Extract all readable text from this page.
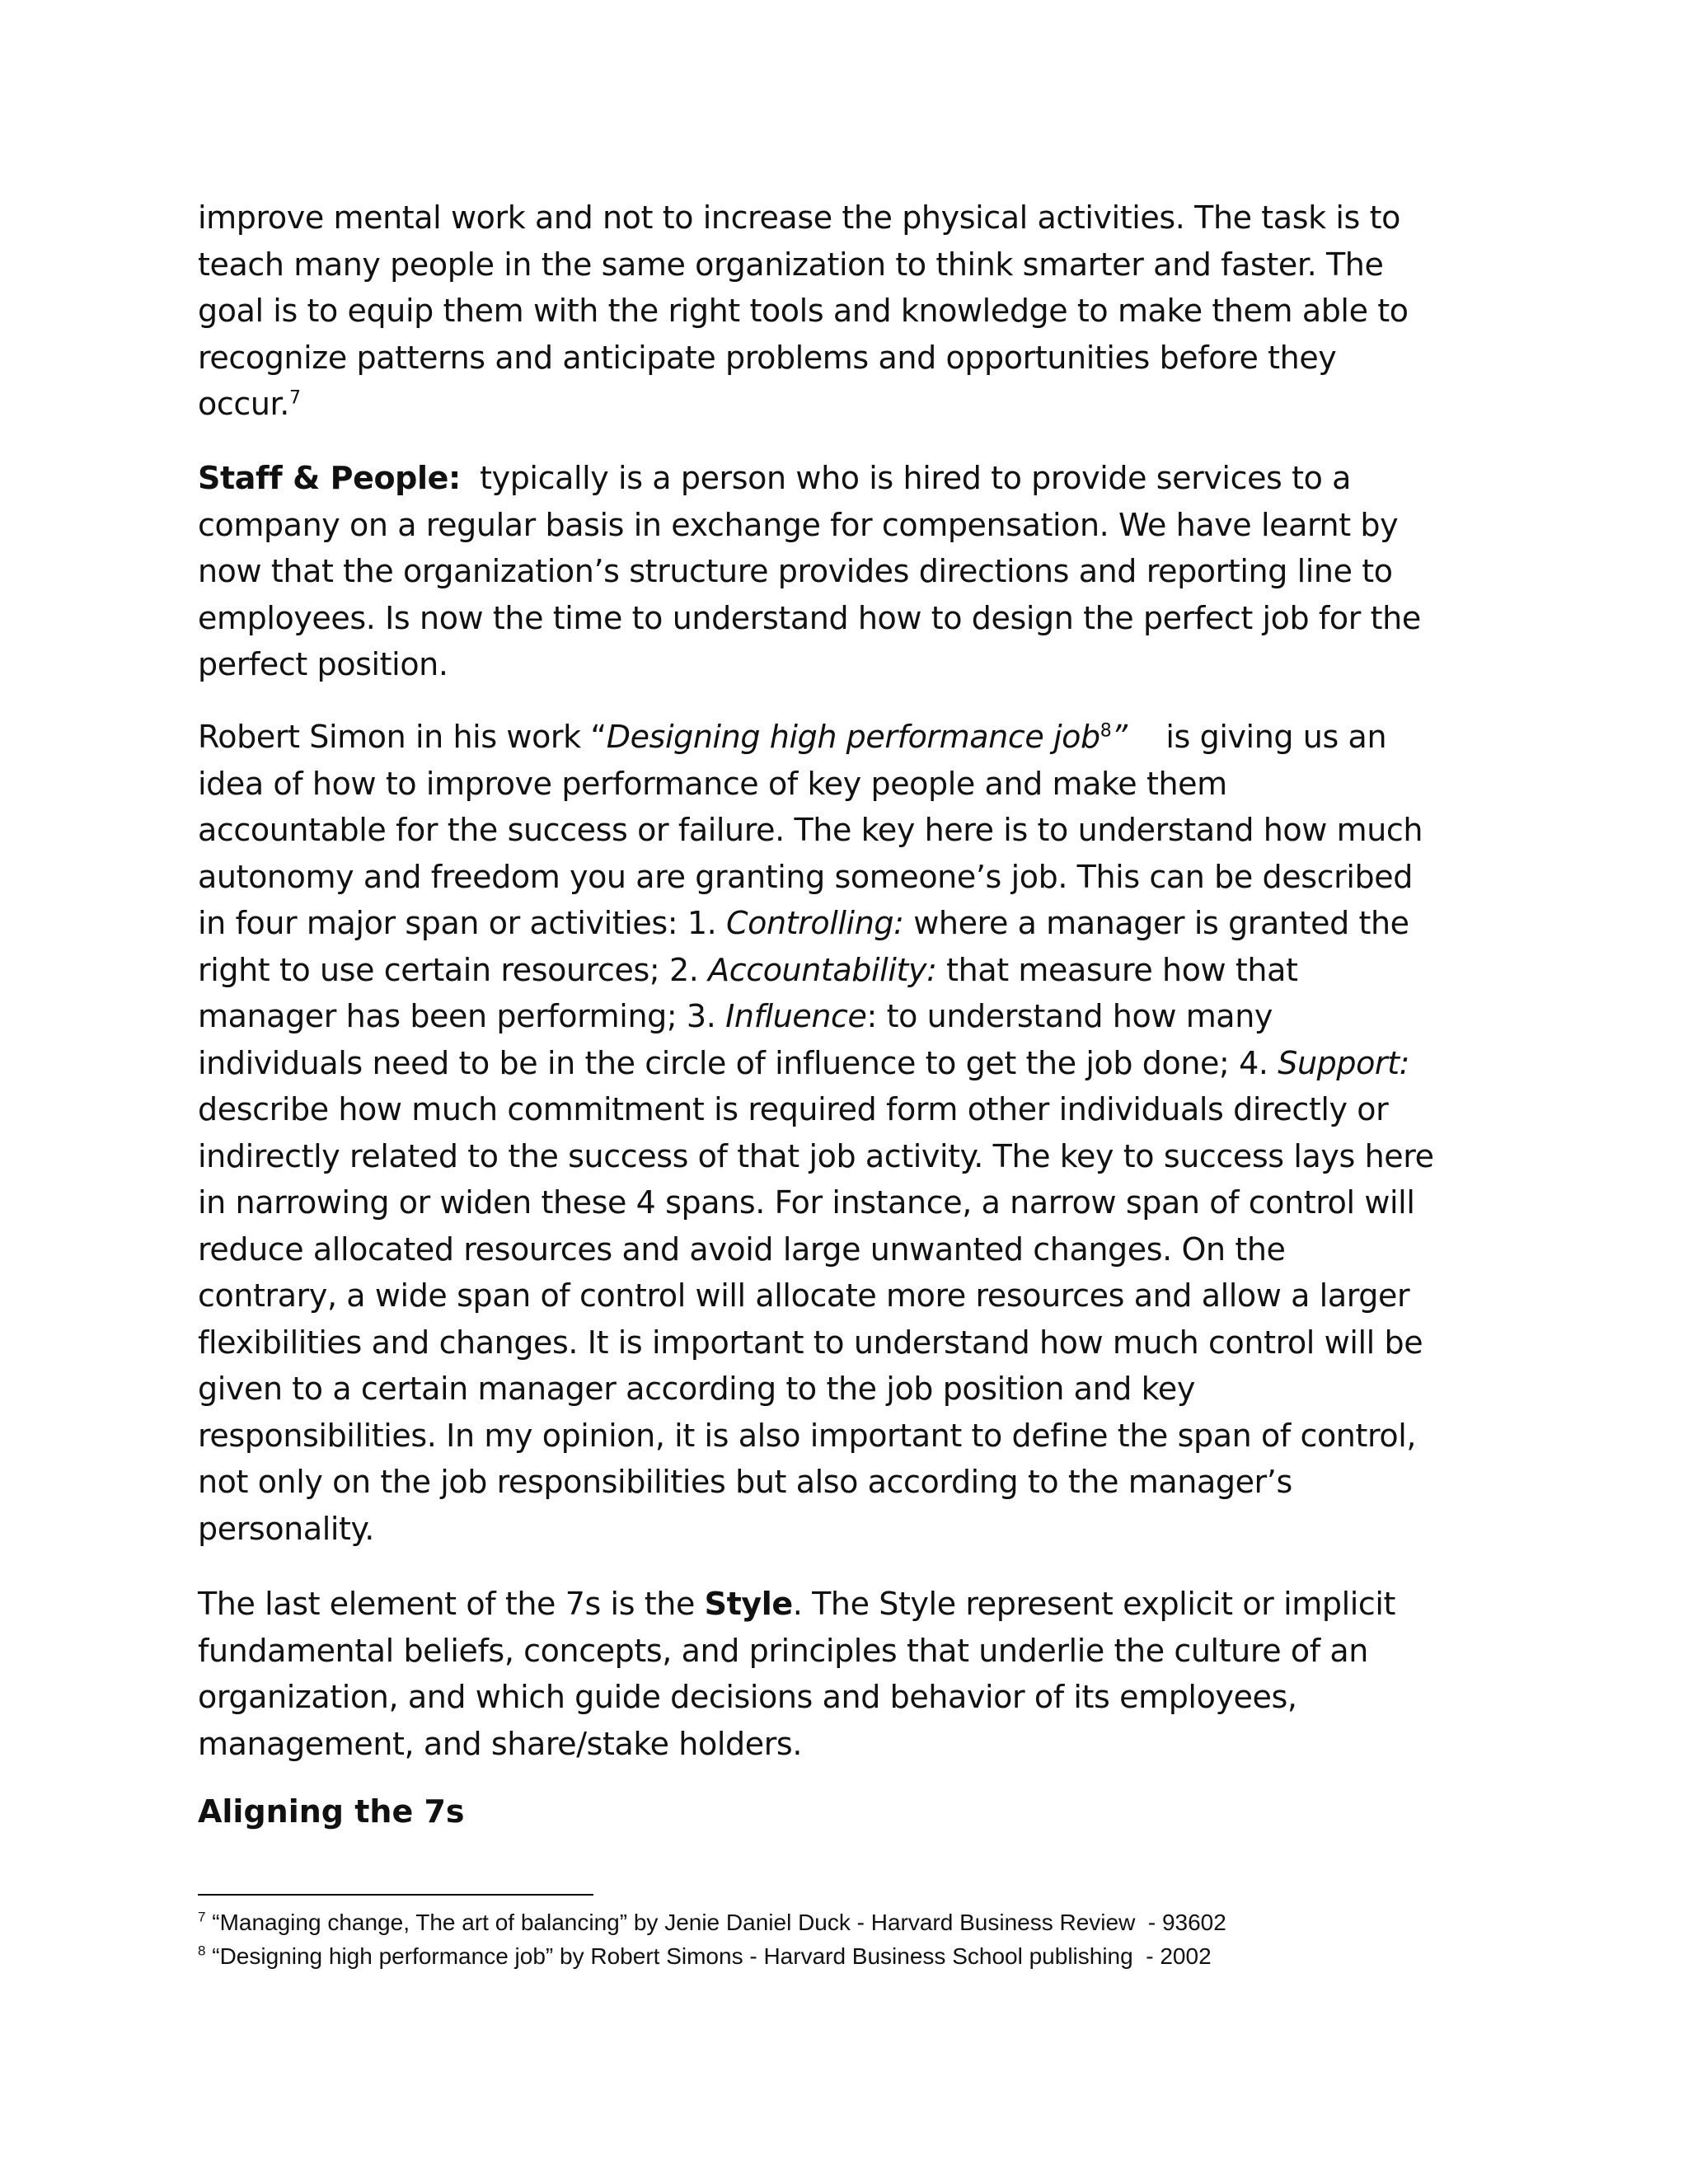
improve mental work and not to increase the physical activities. The task is to
teach many people in the same organization to think smarter and faster. The
goal is to equip them with the right tools and knowledge to make them able to
recognize patterns and anticipate problems and opportunities before they
occur.$^7$

Staff & People:  typically is a person who is hired to provide services to a
company on a regular basis in exchange for compensation. We have learnt by
now that the organization’s structure provides directions and reporting line to
employees. Is now the time to understand how to design the perfect job for the
perfect position.

Robert Simon in his work “Designing high performance job$^8$”    is giving us an
idea of how to improve performance of key people and make them
accountable for the success or failure. The key here is to understand how much
autonomy and freedom you are granting someone’s job. This can be described
in four major span or activities: 1. Controlling: where a manager is granted the
right to use certain resources; 2. Accountability: that measure how that
manager has been performing; 3. Influence: to understand how many
individuals need to be in the circle of influence to get the job done; 4. Support:
describe how much commitment is required form other individuals directly or
indirectly related to the success of that job activity. The key to success lays here
in narrowing or widen these 4 spans. For instance, a narrow span of control will
reduce allocated resources and avoid large unwanted changes. On the
contrary, a wide span of control will allocate more resources and allow a larger
flexibilities and changes. It is important to understand how much control will be
given to a certain manager according to the job position and key
responsibilities. In my opinion, it is also important to define the span of control,
not only on the job responsibilities but also according to the manager’s
personality.

The last element of the 7s is the Style. The Style represent explicit or implicit
fundamental beliefs, concepts, and principles that underlie the culture of an
organization, and which guide decisions and behavior of its employees,
management, and share/stake holders.

Aligning the 7s
$^7$ “Managing change, The art of balancing” by Jenie Daniel Duck - Harvard Business Review  - 93602
$^8$ “Designing high performance job” by Robert Simons - Harvard Business School publishing  - 2002
